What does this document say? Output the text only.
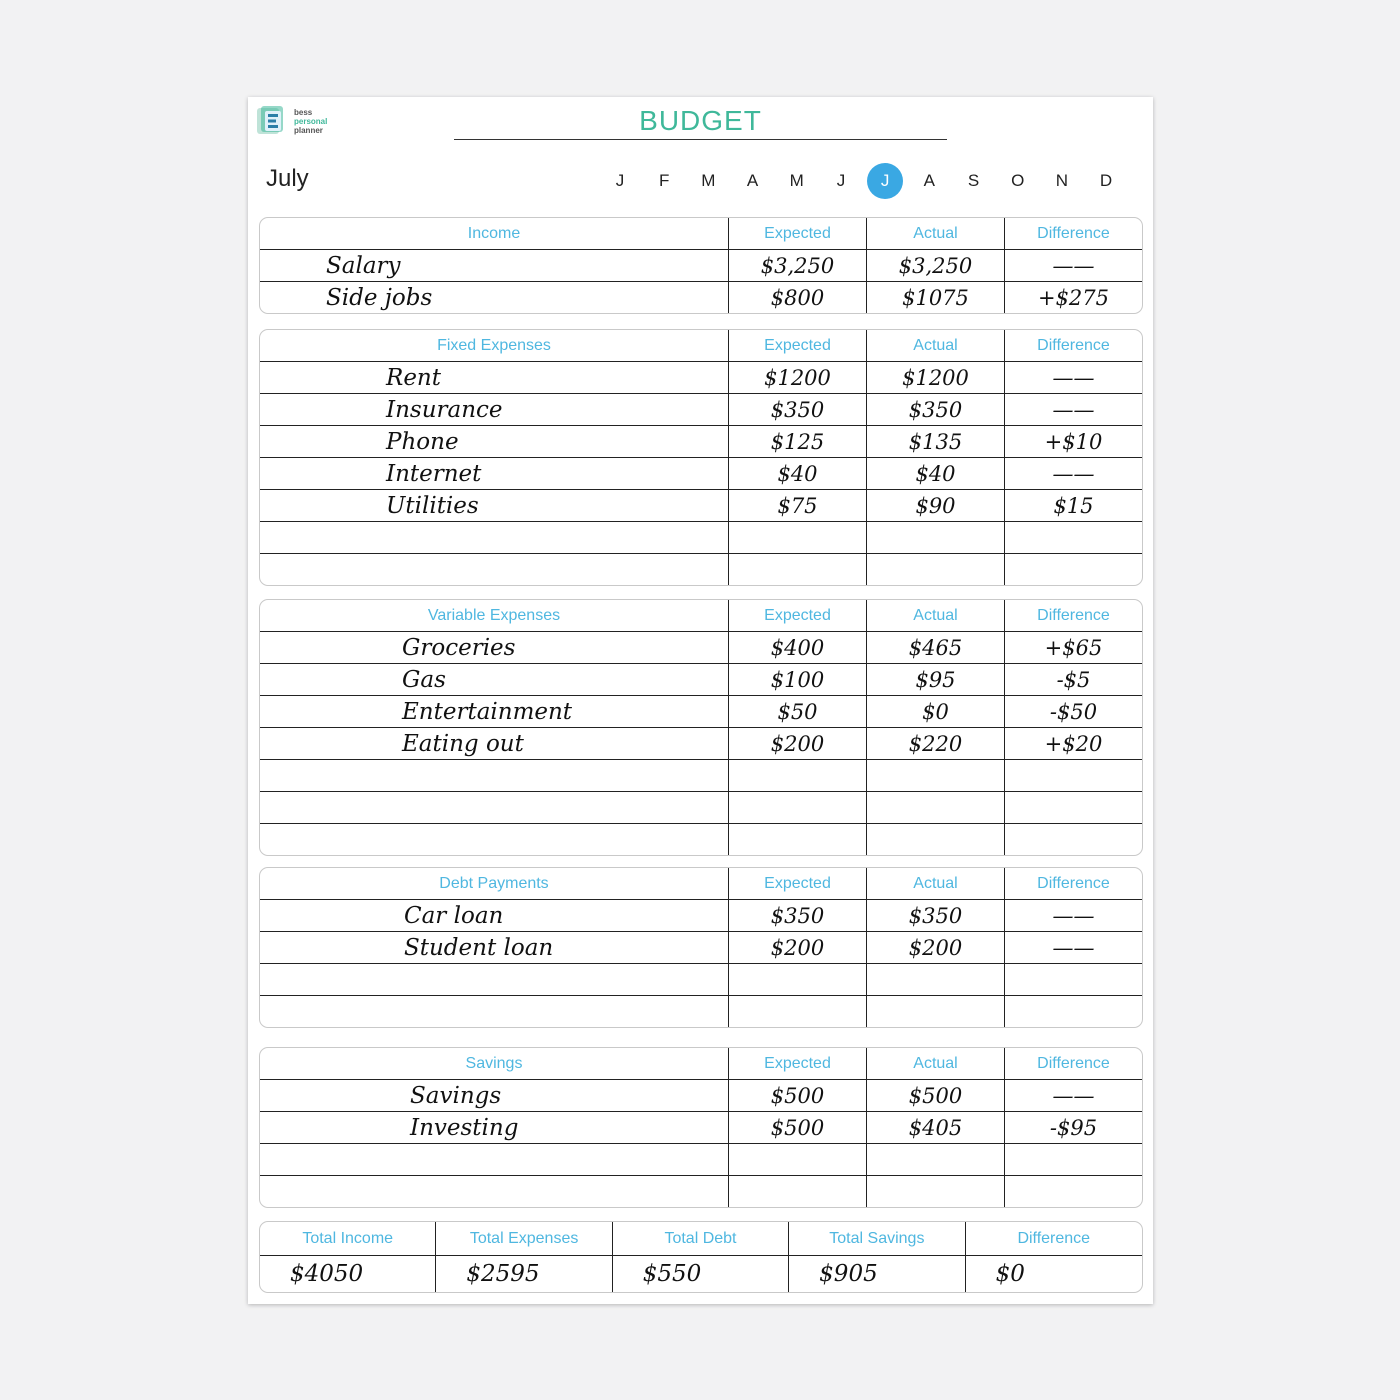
bess
personal
planner	BUDGET
July	J	F	M	A	M	J	J	A	S	O	N	D
Income	Expected	Actual	Difference
Salary	$3,250	$3,250	——
Side jobs	$800	$1075	+$275
Fixed Expenses	Expected	Actual	Difference
Rent	$1200	$1200	——
Insurance	$350	$350	——
Phone	$125	$135	+$10
Internet	$40	$40	——
Utilities	$75	$90	$15
Variable Expenses	Expected	Actual	Difference
Groceries	$400	$465	+$65
Gas	$100	$95	-$5
Entertainment	$50	$0	-$50
Eating out	$200	$220	+$20
Debt Payments	Expected	Actual	Difference
Car loan	$350	$350	——
Student loan	$200	$200	——
Savings	Expected	Actual	Difference
Savings	$500	$500	——
Investing	$500	$405	-$95
Total Income	Total Expenses	Total Debt	Total Savings	Difference
$4050	$2595	$550	$905	$0
